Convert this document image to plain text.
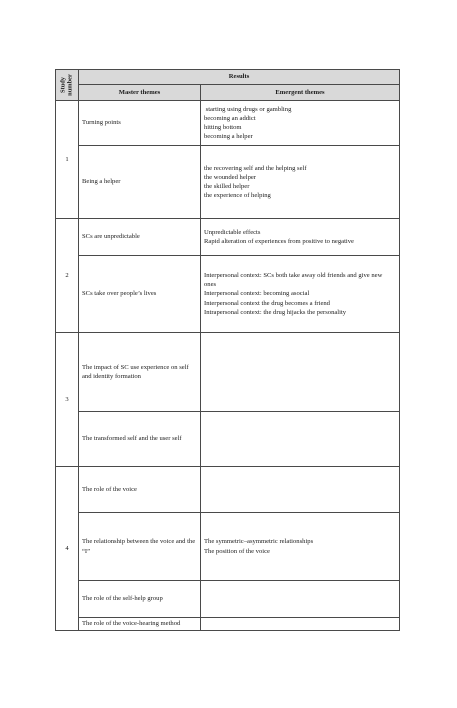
Study number	Results	
	Master themes	Emergent themes
1	Turning points	starting using drugs or gambling
becoming an addict
hitting bottom
becoming a helper

	Being a helper	the recovering self and the helping self
the wounded helper
the skilled helper
the experience of helping

2	SCs are unpredictable	Unpredictable effects
Rapid alteration of experiences from positive to negative

	SCs take over people’s lives	Interpersonal context: SCs both take away old friends and give new ones
Interpersonal context: becoming asocial
Interpersonal context the drug becomes a friend
Intrapersonal context: the drug hijacks the personality

3	The impact of SC use experience on self and identity formation	
	The transformed self and the user self	
4	The role of the voice	
	The relationship between the voice and the “I”	The symmetric–asymmetric relationships
The position of the voice

	The role of the self-help group	
	The role of the voice-hearing method	
